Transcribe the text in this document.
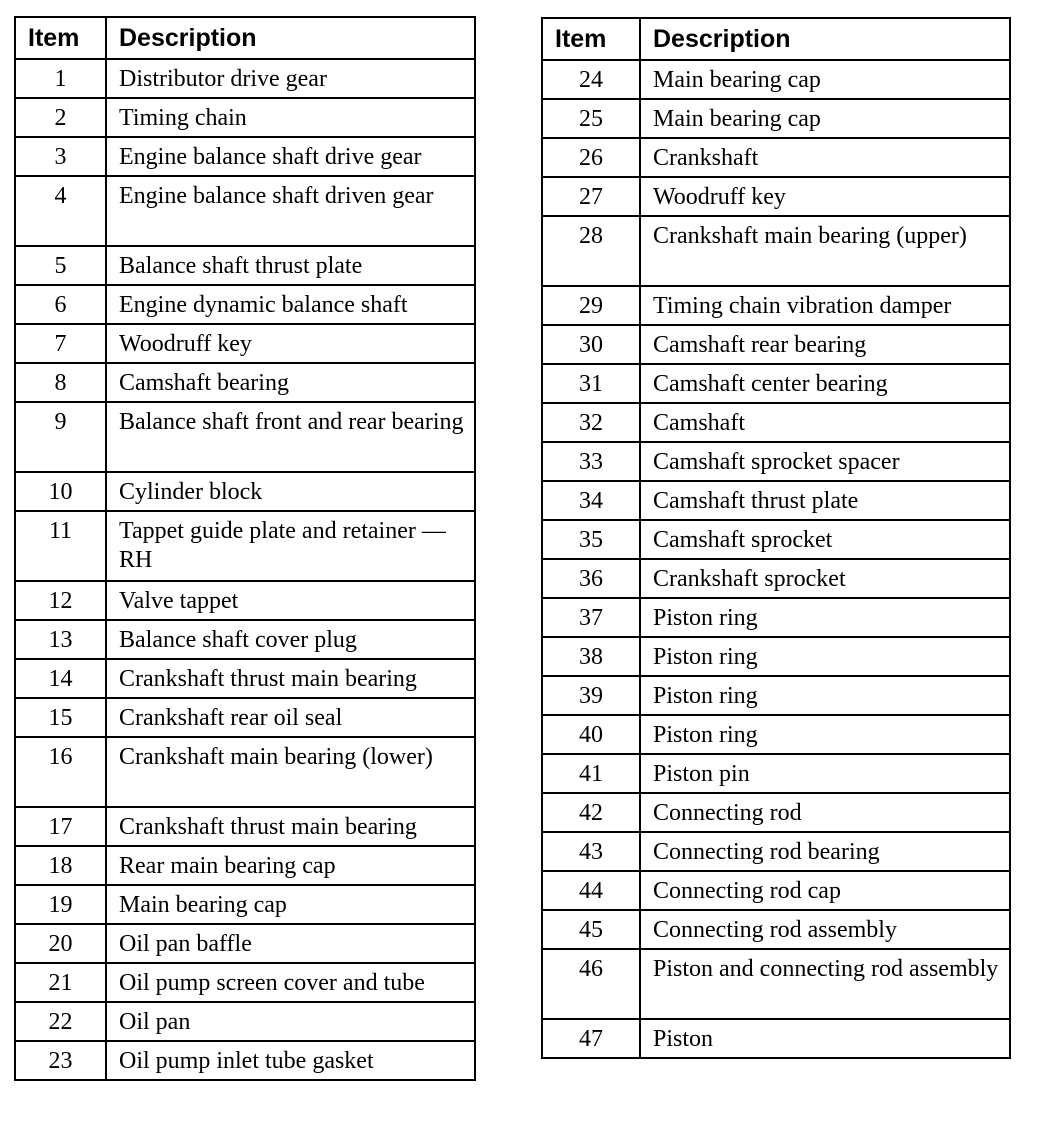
Item	Description
1	Distributor drive gear
2	Timing chain
3	Engine balance shaft drive gear
4	Engine balance shaft driven gear
5	Balance shaft thrust plate
6	Engine dynamic balance shaft
7	Woodruff key
8	Camshaft bearing
9	Balance shaft front and rear bearing
10	Cylinder block
11	Tappet guide plate and retainer — RH
12	Valve tappet
13	Balance shaft cover plug
14	Crankshaft thrust main bearing
15	Crankshaft rear oil seal
16	Crankshaft main bearing (lower)
17	Crankshaft thrust main bearing
18	Rear main bearing cap
19	Main bearing cap
20	Oil pan baffle
21	Oil pump screen cover and tube
22	Oil pan
23	Oil pump inlet tube gasket
Item	Description
24	Main bearing cap
25	Main bearing cap
26	Crankshaft
27	Woodruff key
28	Crankshaft main bearing (upper)
29	Timing chain vibration damper
30	Camshaft rear bearing
31	Camshaft center bearing
32	Camshaft
33	Camshaft sprocket spacer
34	Camshaft thrust plate
35	Camshaft sprocket
36	Crankshaft sprocket
37	Piston ring
38	Piston ring
39	Piston ring
40	Piston ring
41	Piston pin
42	Connecting rod
43	Connecting rod bearing
44	Connecting rod cap
45	Connecting rod assembly
46	Piston and connecting rod assembly
47	Piston
